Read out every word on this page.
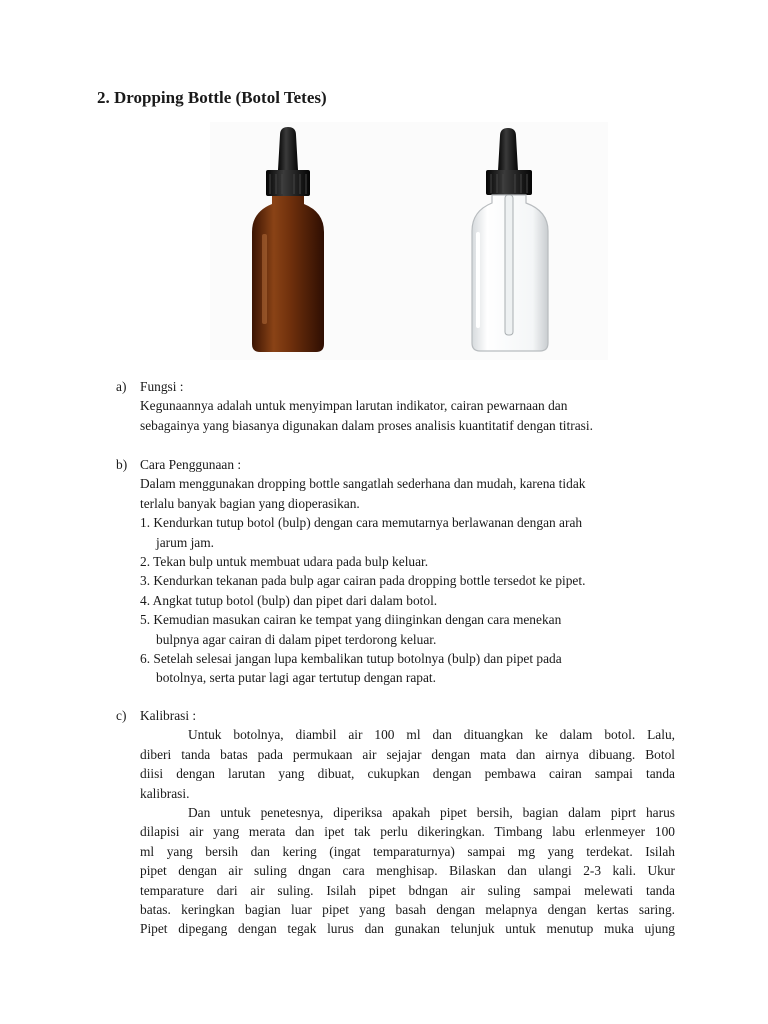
2. Dropping Bottle (Botol Tetes)
a) Fungsi :
Kegunaannya adalah untuk menyimpan larutan indikator, cairan pewarnaan dan
sebagainya yang biasanya digunakan dalam proses analisis kuantitatif dengan titrasi.
b) Cara Penggunaan :
Dalam menggunakan dropping bottle sangatlah sederhana dan mudah, karena tidak
terlalu banyak bagian yang dioperasikan.
1. Kendurkan tutup botol (bulp) dengan cara memutarnya berlawanan dengan arah
jarum jam.
2. Tekan bulp untuk membuat udara pada bulp keluar.
3. Kendurkan tekanan pada bulp agar cairan pada dropping bottle tersedot ke pipet.
4. Angkat tutup botol (bulp) dan pipet dari dalam botol.
5. Kemudian masukan cairan ke tempat yang diinginkan dengan cara menekan
bulpnya agar cairan di dalam pipet terdorong keluar.
6. Setelah selesai jangan lupa kembalikan tutup botolnya (bulp) dan pipet pada
botolnya, serta putar lagi agar tertutup dengan rapat.
c) Kalibrasi :
Untuk botolnya, diambil air 100 ml dan dituangkan ke dalam botol. Lalu,
diberi tanda batas pada permukaan air sejajar dengan mata dan airnya dibuang. Botol
diisi dengan larutan yang dibuat, cukupkan dengan pembawa cairan sampai tanda
kalibrasi.
Dan untuk penetesnya, diperiksa apakah pipet bersih, bagian dalam piprt harus
dilapisi air yang merata dan ipet tak perlu dikeringkan. Timbang labu erlenmeyer 100
ml yang bersih dan kering (ingat temparaturnya) sampai mg yang terdekat. Isilah
pipet dengan air suling dngan cara menghisap. Bilaskan dan ulangi 2-3 kali. Ukur
temparature dari air suling. Isilah pipet bdngan air suling sampai melewati tanda
batas. keringkan bagian luar pipet yang basah dengan melapnya dengan kertas saring.
Pipet dipegang dengan tegak lurus dan gunakan telunjuk untuk menutup muka ujung
